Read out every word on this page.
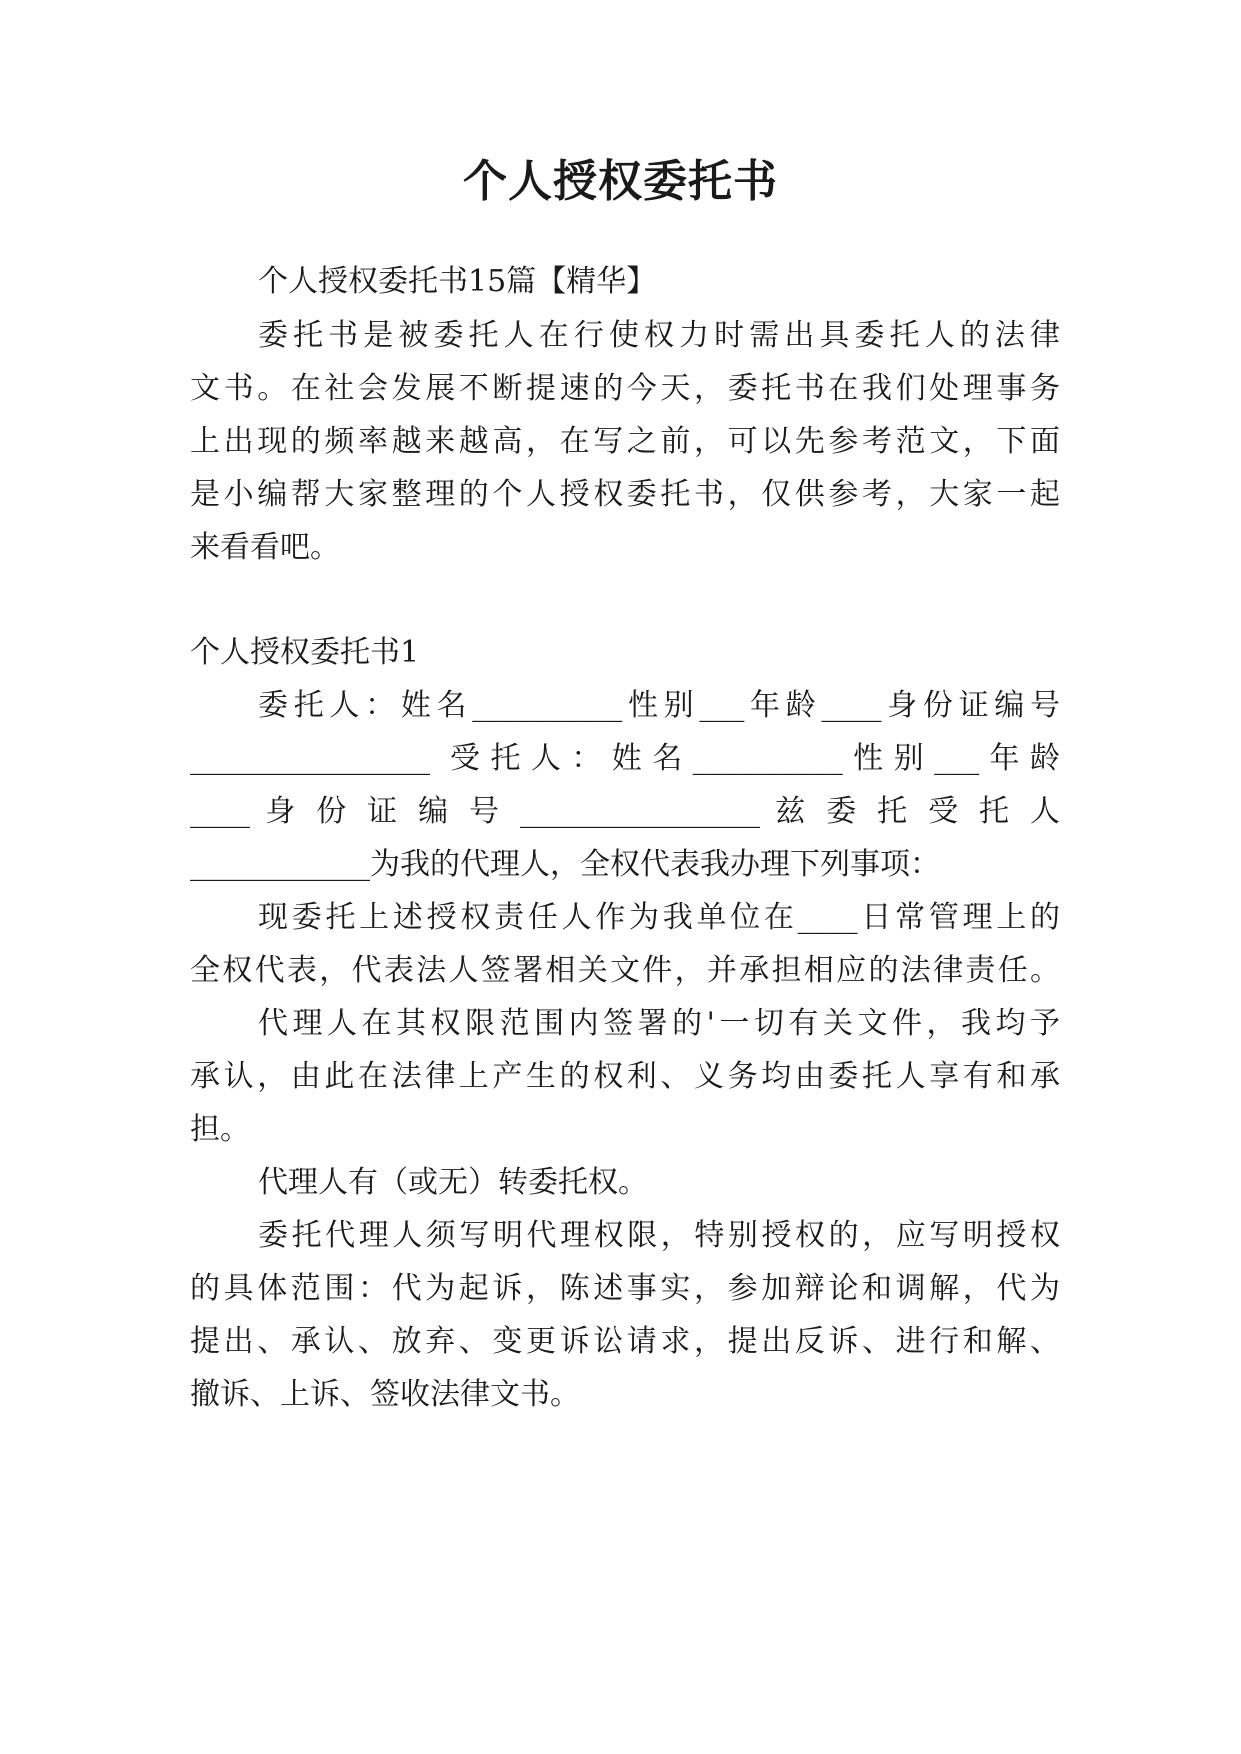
个人授权委托书

个人授权委托书15篇【精华】

委托书是被委托人在行使权力时需出具委托人的法律

文书。在社会发展不断提速的今天，委托书在我们处理事务

上出现的频率越来越高，在写之前，可以先参考范文，下面

是小编帮大家整理的个人授权委托书，仅供参考，大家一起

来看看吧。

个人授权委托书1

委托人：姓名__________性别___年龄____身份证编号

________________ 受托人：姓名__________性别___年龄

____ 身 份 证 编 号 ________________ 兹 委 托 受 托 人

____________为我的代理人，全权代表我办理下列事项：

现委托上述授权责任人作为我单位在____日常管理上的

全权代表，代表法人签署相关文件，并承担相应的法律责任。

代理人在其权限范围内签署的'一切有关文件，我均予

承认，由此在法律上产生的权利、义务均由委托人享有和承

担。

代理人有（或无）转委托权。

委托代理人须写明代理权限，特别授权的，应写明授权

的具体范围：代为起诉，陈述事实，参加辩论和调解，代为

提出、承认、放弃、变更诉讼请求，提出反诉、进行和解、

撤诉、上诉、签收法律文书。
